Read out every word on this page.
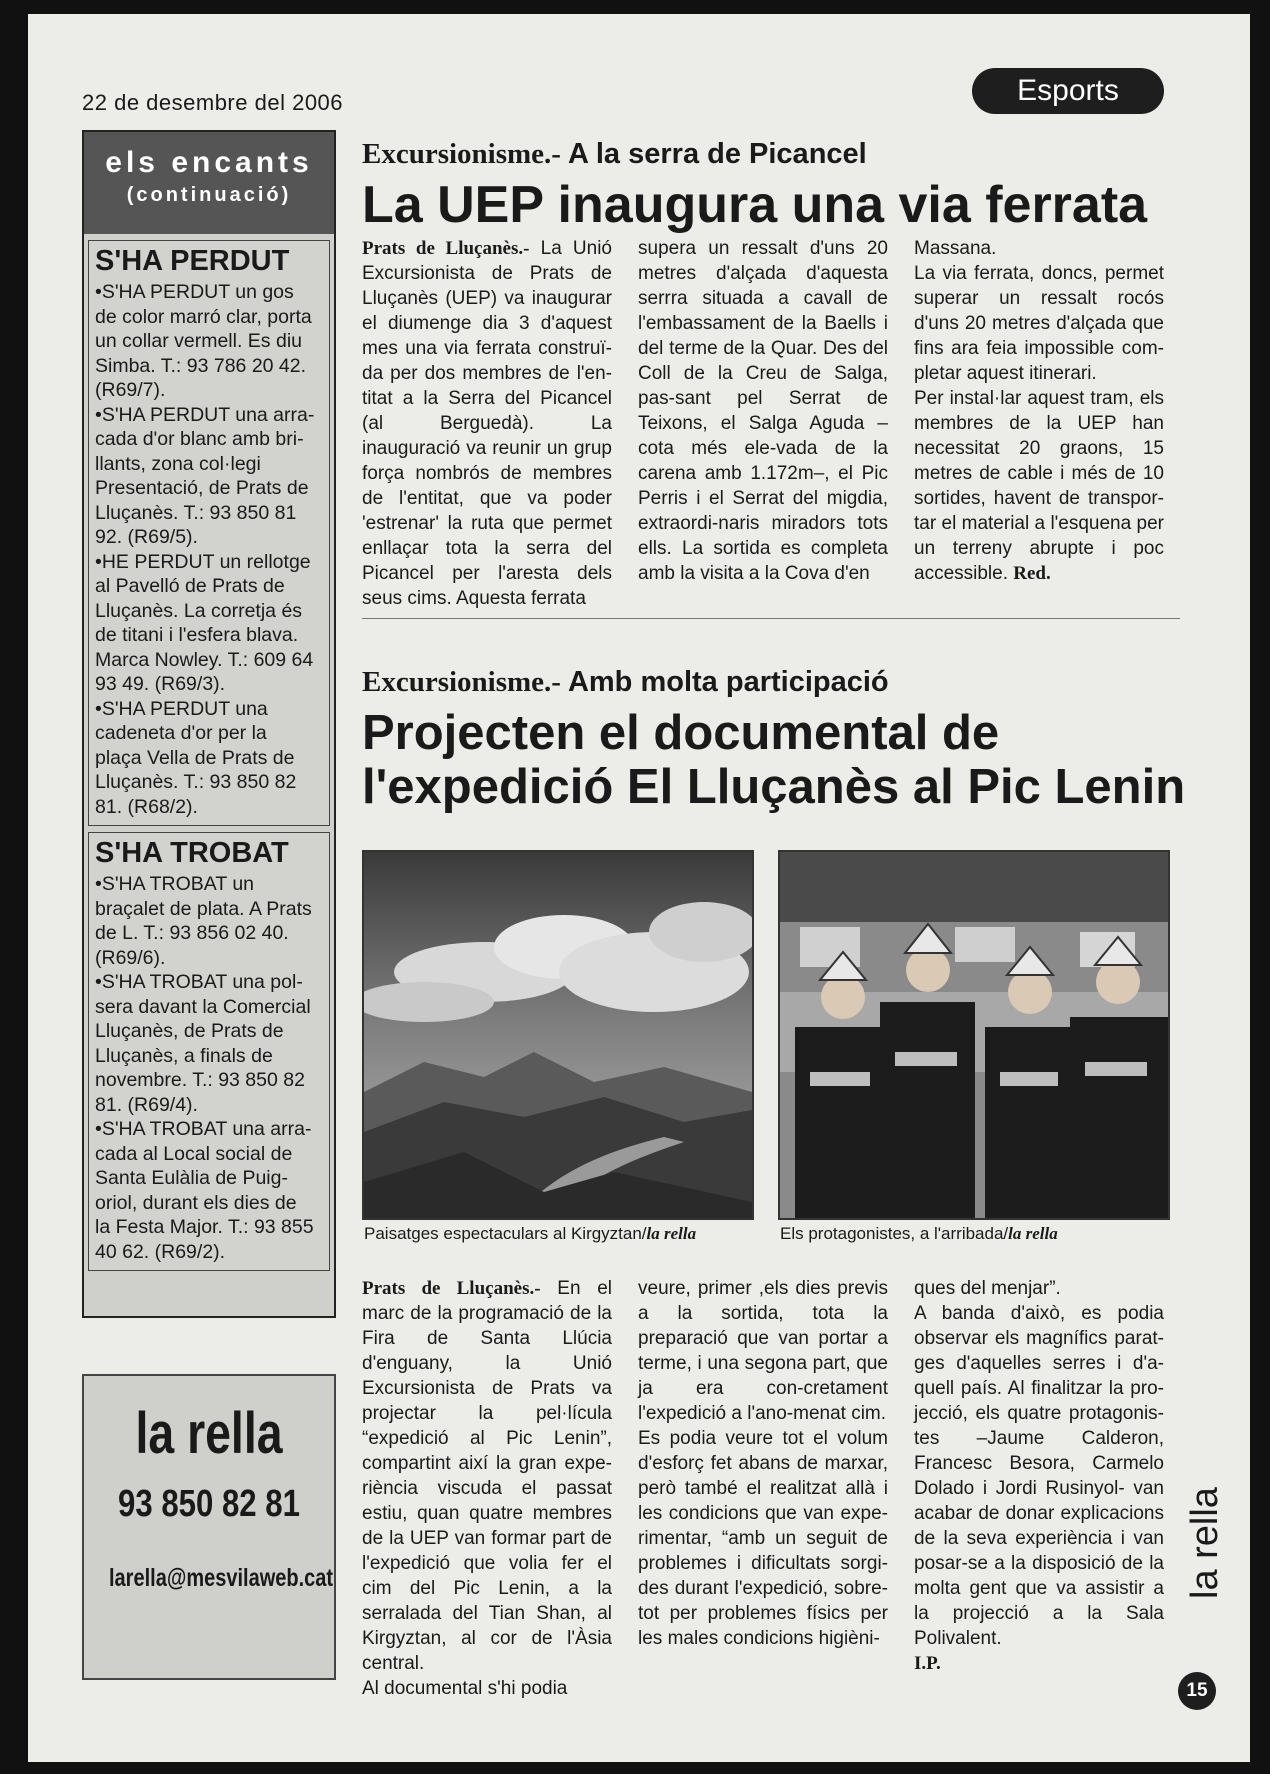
22 de desembre del 2006	Esports
els encants
(continuació)
S'HA PERDUT
•S'HA PERDUT un gos
de color marró clar, porta
un collar vermell. Es diu
Simba. T.: 93 786 20 42.
(R69/7).
•S'HA PERDUT una arra-
cada d'or blanc amb bri-
llants, zona col·legi
Presentació, de Prats de
Lluçanès. T.: 93 850 81
92. (R69/5).
•HE PERDUT un rellotge
al Pavelló de Prats de
Lluçanès. La corretja és
de titani i l'esfera blava.
Marca Nowley. T.: 609 64
93 49. (R69/3).
•S'HA PERDUT una
cadeneta d'or per la
plaça Vella de Prats de
Lluçanès. T.: 93 850 82
81. (R68/2).
S'HA TROBAT
•S'HA TROBAT un
braçalet de plata. A Prats
de L. T.: 93 856 02 40.
(R69/6).
•S'HA TROBAT una pol-
sera davant la Comercial
Lluçanès, de Prats de
Lluçanès, a finals de
novembre. T.: 93 850 82
81. (R69/4).
•S'HA TROBAT una arra-
cada al Local social de
Santa Eulàlia de Puig-
oriol, durant els dies de
la Festa Major. T.: 93 855
40 62. (R69/2).
la rella
93 850 82 81
larella@mesvilaweb.cat
Excursionisme.- A la serra de Picancel
La UEP inaugura una via ferrata
Prats de Lluçanès.- La Unió Excursionista de Prats de Lluçanès (UEP) va inaugurar el diumenge dia 3 d'aquest mes una via ferrata construï-da per dos membres de l'en-titat a la Serra del Picancel (al Berguedà). La inauguració va reunir un grup força nombrós de membres de l'entitat, que va poder 'estrenar' la ruta que permet enllaçar tota la serra del Picancel per l'aresta dels seus cims. Aquesta ferrata
supera un ressalt d'uns 20 metres d'alçada d'aquesta serrra situada a cavall de l'embassament de la Baells i del terme de la Quar. Des del Coll de la Creu de Salga, pas-sant pel Serrat de Teixons, el Salga Aguda –cota més ele-vada de la carena amb 1.172m–, el Pic Perris i el Serrat del migdia, extraordi-naris miradors tots ells. La sortida es completa amb la visita a la Cova d'en
Massana.
La via ferrata, doncs, permet superar un ressalt rocós d'uns 20 metres d'alçada que fins ara feia impossible com-pletar aquest itinerari.
Per instal·lar aquest tram, els membres de la UEP han necessitat 20 graons, 15 metres de cable i més de 10 sortides, havent de transpor-tar el material a l'esquena per un terreny abrupte i poc accessible. Red.
Excursionisme.- Amb molta participació
Projecten el documental de
l'expedició El Lluçanès al Pic Lenin
Paisatges espectaculars al Kirgyztan/la rella	Els protagonistes, a l'arribada/la rella
Prats de Lluçanès.- En el marc de la programació de la Fira de Santa Llúcia d'enguany, la Unió Excursionista de Prats va projectar la pel·lícula “expedició al Pic Lenin”, compartint així la gran expe-riència viscuda el passat estiu, quan quatre membres de la UEP van formar part de l'expedició que volia fer el cim del Pic Lenin, a la serralada del Tian Shan, al Kirgyztan, al cor de l'Àsia central.
Al documental s'hi podia
veure, primer ,els dies previs a la sortida, tota la preparació que van portar a terme, i una segona part, que ja era con-cretament l'expedició a l'ano-menat cim.
Es podia veure tot el volum d'esforç fet abans de marxar, però també el realitzat allà i les condicions que van expe-rimentar, “amb un seguit de problemes i dificultats sorgi-des durant l'expedició, sobre-tot per problemes físics per les males condicions higièni-
ques del menjar”.
A banda d'això, es podia observar els magnífics parat-ges d'aquelles serres i d'a-quell país. Al finalitzar la pro-jecció, els quatre protagonis-tes –Jaume Calderon, Francesc Besora, Carmelo Dolado i Jordi Rusinyol- van acabar de donar explicacions de la seva experiència i van posar-se a la disposició de la molta gent que va assistir a la projecció a la Sala Polivalent.
I.P.
la rella
15
